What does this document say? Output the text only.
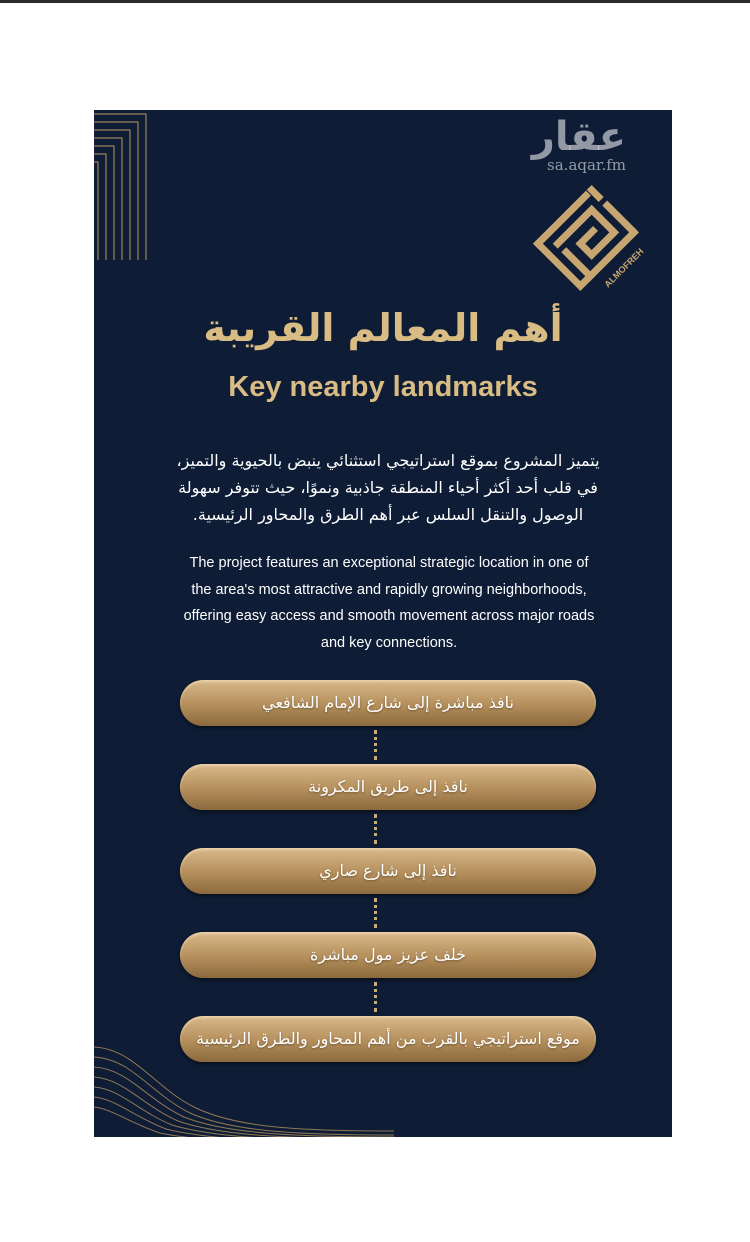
عقار
sa.aqar.fm
ALMOFREH
أهم المعالم القريبة
Key nearby landmarks
يتميز المشروع بموقع استراتيجي استثنائي ينبض بالحيوية والتميز،
في قلب أحد أكثر أحياء المنطقة جاذبية ونموًا، حيث تتوفر سهولة
الوصول والتنقل السلس عبر أهم الطرق والمحاور الرئيسية.
The project features an exceptional strategic location in one of
the area's most attractive and rapidly growing neighborhoods,
offering easy access and smooth movement across major roads
and key connections.
نافذ مباشرة إلى شارع الإمام الشافعي
نافذ إلى طريق المكرونة
نافذ إلى شارع صاري
خلف عزيز مول مباشرة
موقع استراتيجي بالقرب من أهم المحاور والطرق الرئيسية
